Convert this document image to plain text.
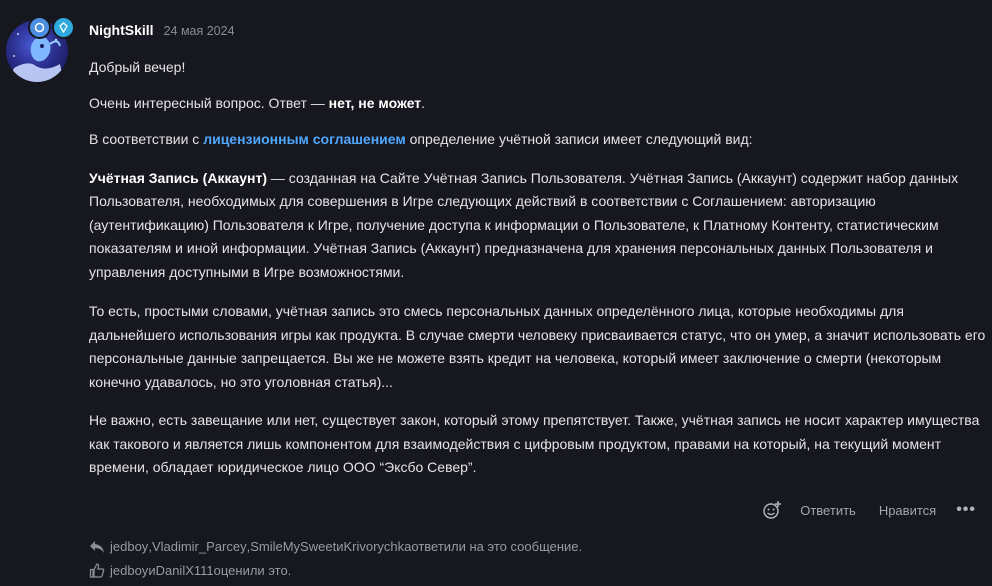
NightSkill 24 мая 2024

Добрый вечер!

Очень интересный вопрос. Ответ — нет, не может.

В соответствии с лицензионным соглашением определение учётной записи имеет следующий вид:

Учётная Запись (Аккаунт) — созданная на Сайте Учётная Запись Пользователя. Учётная Запись (Аккаунт) содержит набор данных Пользователя, необходимых для совершения в Игре следующих действий в соответствии с Соглашением: авторизацию (аутентификацию) Пользователя к Игре, получение доступа к информации о Пользователе, к Платному Контенту, статистическим показателям и иной информации. Учётная Запись (Аккаунт) предназначена для хранения персональных данных Пользователя и управления доступными в Игре возможностями.

То есть, простыми словами, учётная запись это смесь персональных данных определённого лица, которые необходимы для дальнейшего использования игры как продукта. В случае смерти человеку присваивается статус, что он умер, а значит использовать его персональные данные запрещается. Вы же не можете взять кредит на человека, который имеет заключение о смерти (некоторым конечно удавалось, но это уголовная статья)...

Не важно, есть завещание или нет, существует закон, который этому препятствует. Также, учётная запись не носит характер имущества как такового и является лишь компонентом для взаимодействия с цифровым продуктом, правами на который, на текущий момент времени, обладает юридическое лицо ООО “Эксбо Север”.

Ответить Нравится •••
jedboy , Vladimir_Parcey , SmileMySweet и Krivorychka ответили на это сообщение.
jedboy и DanilX111 оценили это.
